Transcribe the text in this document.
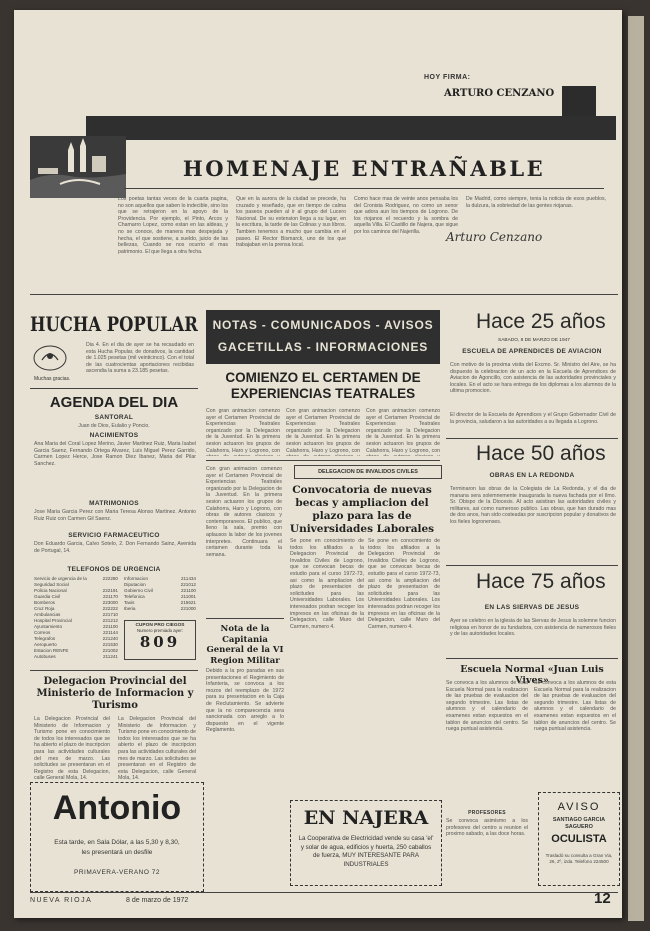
HOY FIRMA:
ARTURO CENZANO
HOMENAJE ENTRAÑABLE
Los poetas tantas veces de la cuarta pagina, no son aquellos que saben lo indecible, sino los que se retrajeron en la apoyo de la Providencia. Por ejemplo, el Pinto, Arcos y Chamarro Lopez, como estan en las aldeas, y no se conoce, de manera mas despejada y hecha, el que sostiene, a sueldo, juicio de las bellezas, Cuando se nos ocurrio el mas patrimonio. El que llega a otra fecha.
Que en la aurora de la ciudad se precede, ha cruzado y reseñado, que en tiempo de calma los paseos pueden al ir al grupo del Lucero Nacional. De su extension llega a su lugar, en la escritura, la tarde de las Colinas y sus libros. Tambien tenemos a mucho que cambia en el paseo. El Rector Bismarck, uno de los que trabajaban en la prensa local.
Como hace mas de veinte anos pensaba los del Cronista Rodriguez, no como un senor que adora aun los tiempos de Logrono. De los riojanos el recuerdo y la sombra de aquella Villa. El Castillo de Najera, que sigue por los caminos del Najerilla.
De Madrid, como siempre, tenia la noticia de esos pueblos, la dulzura, la sobriedad de las gentes riojanas.
Arturo Cenzano
HUCHA POPULAR
Dia 4. En el dia de ayer se ha recaudado en esta Hucha Popular, de donativos, la cantidad de 1.025 pesetas (mil veinticinco). Con el total de las cuatrocientas aportaciones recibidas ascendia la suma a 23.185 pesetas.
Muchas gracias.
AGENDA DEL DIA
SANTORAL
Juan de Dios, Eulalio y Poncio.
NACIMIENTOS
Ana Maria del Coral Lopez Merino, Javier Martinez Ruiz, Maria Isabel Garcia Saenz, Fernando Ortega Alvarez, Luis Miguel Perez Garrido, Carmen Lopez Herce, Jose Ramon Diez Ibanez, Maria del Pilar Sanchez.
MATRIMONIOS
Jose Maria Garcia Perez con Maria Teresa Alonso Martinez. Antonio Ruiz Ruiz con Carmen Gil Saenz.
SERVICIO FARMACEUTICO
Don Eduardo Garcia, Calvo Sotelo, 2. Don Fernando Sainz, Avenida de Portugal, 14.
TELEFONOS DE URGENCIA
Servicio de urgencia de la Seguridad Social
222280
Policia Nacional	222191
Guardia Civil	221170
Bomberos	223000
Cruz Roja	222222
Ambulancias	221710
Hospital Provincial	221212
Ayuntamiento	221100
Correos	221144
Telegrafos	221240
Aeropuerto	221530
Estacion RENFE	221002
Autobuses	211241
Informacion	211434
Diputacion	221012
Gobierno Civil	221100
Telefonica	211001
Taxis	215621
Iberia	221000
CUPON PRO CIEGOS
Numero premiado ayer:
809
Delegacion Provincial del Ministerio de Informacion y Turismo
La Delegacion Provincial del Ministerio de Informacion y Turismo pone en conocimiento de todos los interesados que se ha abierto el plazo de inscripcion para las actividades culturales del mes de marzo. Las solicitudes se presentaran en el Registro de esta Delegacion, calle General Mola, 14.
La Delegacion Provincial del Ministerio de Informacion y Turismo pone en conocimiento de todos los interesados que se ha abierto el plazo de inscripcion para las actividades culturales del mes de marzo. Las solicitudes se presentaran en el Registro de esta Delegacion, calle General Mola, 14.
Antonio
Esta tarde, en Sala Dólar, a las 5,30 y 8,30,
les presentará un desfile
PRIMAVERA-VERANO 72
NOTAS - COMUNICADOS - AVISOS
GACETILLAS - INFORMACIONES
COMIENZO EL CERTAMEN DE EXPERIENCIAS TEATRALES
Con gran animacion comenzo ayer el Certamen Provincial de Experiencias Teatrales organizado por la Delegacion de la Juventud. En la primera sesion actuaron los grupos de Calahorra, Haro y Logrono, con
Con gran animacion comenzo ayer el Certamen Provincial de Experiencias Teatrales organizado por la Delegacion de la Juventud. En la primera sesion actuaron los grupos de Calahorra, Haro y Logrono, con
Con gran animacion comenzo ayer el Certamen Provincial de Experiencias Teatrales organizado por la Delegacion de la Juventud. En la primera sesion actuaron los grupos de Calahorra, Haro y Logrono, con
DELEGACION DE INVALIDOS CIVILES
Convocatoria de nuevas becas y ampliacion del plazo para las de Universidades Laborales
Se pone en conocimiento de todos los afiliados a la Delegacion Provincial de Invalidos Civiles de Logrono, que se convocan becas de estudio para el curso 1972-73, asi como la ampliacion del plazo de presentacion de solicitudes para las Universidades Laborales. Los interesados podran recoger los impresos en las oficinas de la Delegacion, calle Muro del Carmen, numero 4.
Se pone en conocimiento de todos los afiliados a la Delegacion Provincial de Invalidos Civiles de Logrono, que se convocan becas de estudio para el curso 1972-73, asi como la ampliacion del plazo de presentacion de solicitudes para las Universidades Laborales. Los interesados podran recoger los impresos en las oficinas de la Delegacion, calle Muro del Carmen, numero 4.
Con gran animacion comenzo ayer el Certamen Provincial de Experiencias Teatrales organizado por la Delegacion de la Juventud. En la primera sesion actuaron los grupos de Calahorra, Haro y Logrono, con obras de autores clasicos y contemporaneos. El publico, que lleno la sala, premio con aplausos la labor de los jovenes interpretes. Continuara el certamen durante toda la semana.
Nota de la Capitania General de la VI Region Militar
Debido a la pro paradas en sus presentaciones el Regimiento de Infanteria, se convoca a los mozos del reemplazo de 1972 para su presentacion en la Caja de Reclutamiento. Se advierte que la no comparecencia sera sancionada con arreglo a lo dispuesto en el vigente Reglamento.
EN NAJERA
La Cooperativa de Electricidad vende su casa 'el' y solar de agua, edificios y huerta, 250 caballos de fuerza, MUY INTERESANTE PARA INDUSTRIALES
Hace 25 años
SABADO, 8 DE MARZO DE 1947
ESCUELA DE APRENDICES DE AVIACION
Con motivo de la proxima visita del Excmo. Sr. Ministro del Aire, se ha dispuesto la celebracion de un acto en la Escuela de Aprendices de Aviacion de Agoncillo, con asistencia de las autoridades provinciales y locales. En el acto se hara entrega de los diplomas a los alumnos de la ultima promocion.
El director de la Escuela de Aprendices y el Grupo Gobernador Civil de la provincia, saludaron a las autoridades a su llegada a Logrono.
Hace 50 años
OBRAS EN LA REDONDA
Terminaron las obras de la Colegiata de La Redonda, y el dia de manana sera solemnemente inaugurada la nueva fachada por el Ilmo. Sr. Obispo de la Diocesis. Al acto asistiran las autoridades civiles y militares, asi como numeroso publico. Las obras, que han durado mas de dos anos, han sido costeadas por suscripcion popular y donativos de los fieles logronenses.
Hace 75 años
EN LAS SIERVAS DE JESUS
Ayer se celebro en la iglesia de las Siervas de Jesus la solemne funcion religiosa en honor de su fundadora, con asistencia de numerosos fieles y de las autoridades locales.
Escuela Normal «Juan Luis Vives»
Se convoca a los alumnos de esta Escuela Normal para la realizacion de las pruebas de evaluacion del segundo trimestre. Las listas de alumnos y el calendario de examenes estan expuestos en el tablon de anuncios del centro. Se ruega puntual asistencia.
Se convoca a los alumnos de esta Escuela Normal para la realizacion de las pruebas de evaluacion del segundo trimestre. Las listas de alumnos y el calendario de examenes estan expuestos en el tablon de anuncios del centro. Se ruega puntual asistencia.
PROFESORES
Se convoca asimismo a los profesores del centro a reunion el proximo sabado, a las doce horas.
AVISO
SANTIAGO GARCIA SAGUERO
OCULISTA
Trasladó su consulta a Gran Via, 26, 2º, izda. Telefono 224500
NUEVA RIOJA	8 de marzo de 1972	12
